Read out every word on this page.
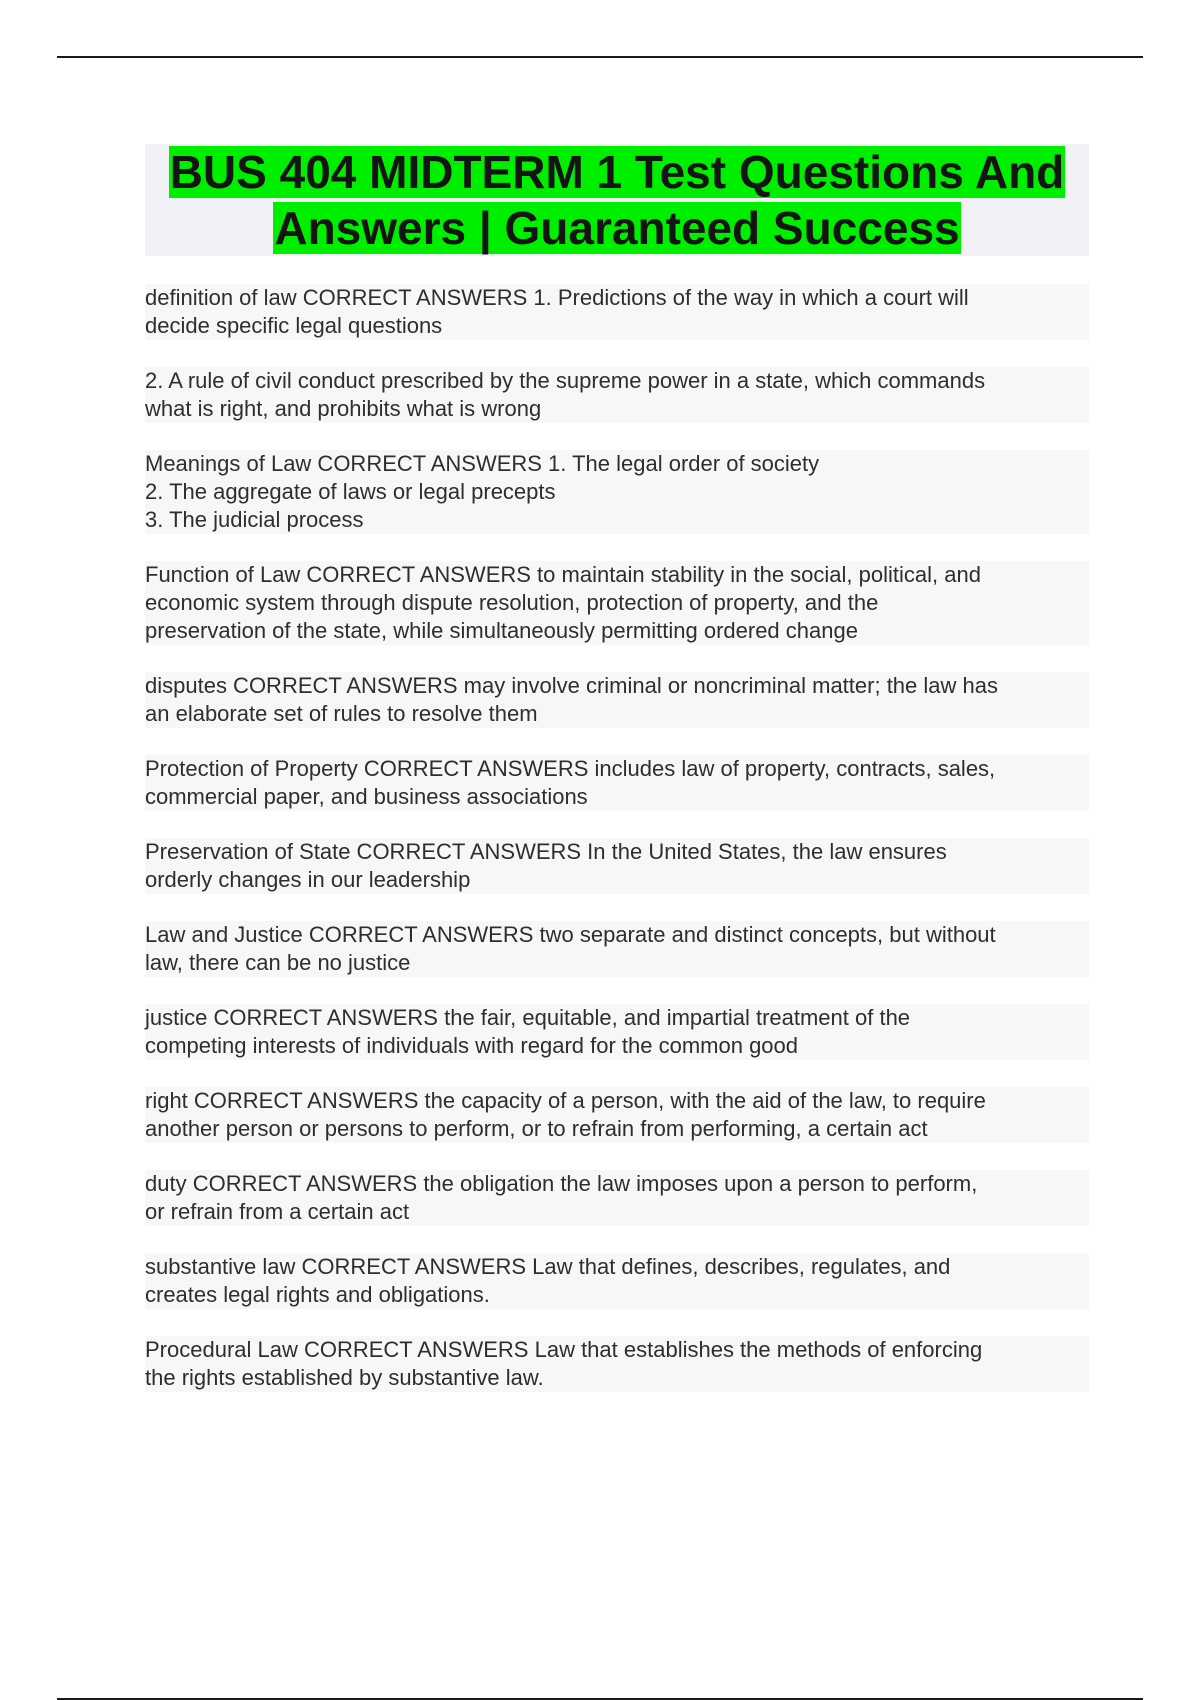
BUS 404 MIDTERM 1 Test Questions And
Answers | Guaranteed Success
definition of law CORRECT ANSWERS 1. Predictions of the way in which a court will
decide specific legal questions
2. A rule of civil conduct prescribed by the supreme power in a state, which commands
what is right, and prohibits what is wrong
Meanings of Law CORRECT ANSWERS 1. The legal order of society
2. The aggregate of laws or legal precepts
3. The judicial process
Function of Law CORRECT ANSWERS to maintain stability in the social, political, and
economic system through dispute resolution, protection of property, and the
preservation of the state, while simultaneously permitting ordered change
disputes CORRECT ANSWERS may involve criminal or noncriminal matter; the law has
an elaborate set of rules to resolve them
Protection of Property CORRECT ANSWERS includes law of property, contracts, sales,
commercial paper, and business associations
Preservation of State CORRECT ANSWERS In the United States, the law ensures
orderly changes in our leadership
Law and Justice CORRECT ANSWERS two separate and distinct concepts, but without
law, there can be no justice
justice CORRECT ANSWERS the fair, equitable, and impartial treatment of the
competing interests of individuals with regard for the common good
right CORRECT ANSWERS the capacity of a person, with the aid of the law, to require
another person or persons to perform, or to refrain from performing, a certain act
duty CORRECT ANSWERS the obligation the law imposes upon a person to perform,
or refrain from a certain act
substantive law CORRECT ANSWERS Law that defines, describes, regulates, and
creates legal rights and obligations.
Procedural Law CORRECT ANSWERS Law that establishes the methods of enforcing
the rights established by substantive law.
